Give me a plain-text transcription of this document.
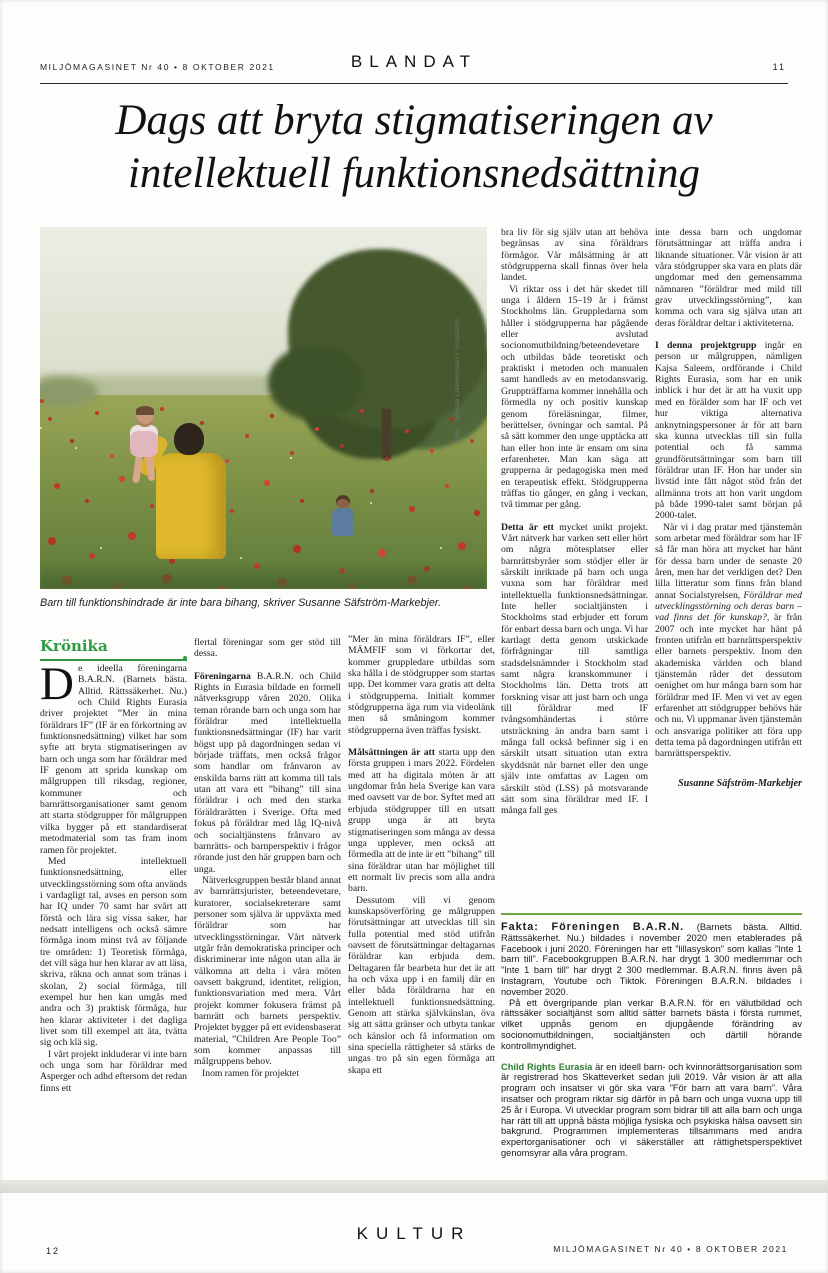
MILJÖMAGASINET Nr 40 • 8 OKTOBER 2021	BLANDAT	11
Dags att bryta stigmatiseringen av
intellektuell funktionsnedsättning
Foto: Juliane Liebermann / Unsplash
Barn till funktionshindrade är inte bara bihang, skriver Susanne Säfström-Markebjer.
Krönika

De ideella föreningarna B.A.R.N. (Barnets bästa. Alltid. Rättssäkerhet. Nu.) och Child Rights Eurasia driver projektet ”Mer än mina föräldrars IF” (IF är en förkortning av funktionsnedsättning) vilket har som syfte att bryta stigmatiseringen av barn och unga som har föräldrar med IF genom att sprida kunskap om målgruppen till riksdag, regioner, kommuner och barnrättsorganisationer samt genom att starta stödgrupper för målgruppen vilka bygger på ett standardiserat metodmaterial som tas fram inom ramen för projektet.

Med intellektuell funktionsnedsättning, eller utvecklingsstörning som ofta används i vardagligt tal, avses en person som har IQ under 70 samt har svårt att förstå och lära sig vissa saker, har nedsatt intelligens och också sämre förmåga inom minst två av följande tre områden: 1) Teoretisk förmåga, det vill säga hur hen klarar av att läsa, skriva, räkna och annat som tränas i skolan, 2) social förmåga, till exempel hur hen kan umgås med andra och 3) praktisk förmåga, hur hen klarar aktiviteter i det dagliga livet som till exempel att äta, tvätta sig och klä sig.

I vårt projekt inkluderar vi inte barn och unga som har föräldrar med Asperger och adhd eftersom det redan finns ett

flertal föreningar som ger stöd till dessa.

Föreningarna B.A.R.N. och Child Rights in Eurasia bildade en formell nätverksgrupp våren 2020. Olika teman rörande barn och unga som har föräldrar med intellektuella funktionsnedsättningar (IF) har varit högst upp på dagordningen sedan vi började träffats, men också frågor som handlar om frånvaron av enskilda barns rätt att komma till tals utan att vara ett ”bihang” till sina föräldrar i och med den starka föräldrarätten i Sverige. Ofta med fokus på föräldrar med låg IQ-nivå och socialtjänstens frånvaro av barnrätts- och barnperspektiv i frågor rörande just den här gruppen barn och unga.

Nätverksgruppen består bland annat av barnrättsjurister, beteendevetare, kuratorer, socialsekreterare samt personer som själva är uppväxta med föräldrar som har utvecklingsstörningar. Vårt nätverk utgår från demokratiska principer och diskriminerar inte någon utan alla är välkomna att delta i våra möten oavsett bakgrund, identitet, religion, funktionsvariation med mera. Vårt projekt kommer fokusera främst på barnrätt och barnets perspektiv. Projektet bygger på ett evidensbaserat material, ”Children Are People Too” som kommer anpassas till målgruppens behov.

Inom ramen för projektet

”Mer än mina föräldrars IF”, eller MÄMFIF som vi förkortar det, kommer gruppledare utbildas som ska hålla i de stödgrupper som startas upp. Det kommer vara gratis att delta i stödgrupperna. Initialt kommer stödgrupperna äga rum via videolänk men så småningom kommer stödgrupperna även träffas fysiskt.

Målsättningen är att starta upp den första gruppen i mars 2022. Fördelen med att ha digitala möten är att ungdomar från hela Sverige kan vara med oavsett var de bor. Syftet med att erbjuda stödgrupper till en utsatt grupp unga är att bryta stigmatiseringen som många av dessa unga upplever, men också att förmedla att de inte är ett ”bihang” till sina föräldrar utan har möjlighet till ett normalt liv precis som alla andra barn.

Dessutom vill vi genom kunskapsöverföring ge målgruppen förutsättningar att utvecklas till sin fulla potential med stöd utifrån oavsett de förutsättningar deltagarnas föräldrar kan erbjuda dem. Deltagaren får bearbeta hur det är att ha och växa upp i en familj där en eller båda föräldrarna har en intellektuell funktionsnedsättning. Genom att stärka självkänslan, öva sig att sätta gränser och utbyta tankar och känslor och få information om sina speciella rättigheter så stärks de ungas tro på sin egen förmåga att skapa ett

bra liv för sig själv utan att behöva begränsas av sina föräldrars förmågor. Vår målsättning är att stödgrupperna skall finnas över hela landet.

Vi riktar oss i det här skedet till unga i åldern 15–19 år i främst Stockholms län. Gruppledarna som håller i stödgrupperna har pågående eller avslutad socionomutbildning/beteendevetare och utbildas både teoretiskt och praktiskt i metoden och manualen samt handleds av en metodansvarig. Gruppträffarna kommer innehålla och förmedla ny och positiv kunskap genom föreläsningar, filmer, berättelser, övningar och samtal. På så sätt kommer den unge upptäcka att han eller hon inte är ensam om sina erfarenheter. Man kan säga att grupperna är pedagogiska men med en terapeutisk effekt. Stödgrupperna träffas tio gånger, en gång i veckan, två timmar per gång.

Detta är ett mycket unikt projekt. Vårt nätverk har varken sett eller hört om några mötesplatser eller barnrättsbyråer som stödjer eller är särskilt inriktade på barn och unga vuxna som har föräldrar med intellektuella funktionsnedsättningar. Inte heller socialtjänsten i Stockholms stad erbjuder ett forum för enbart dessa barn och unga. Vi har kartlagt detta genom utskickade förfrågningar till samtliga stadsdelsnämnder i Stockholm stad samt några kranskommuner i Stockholms län. Detta trots att forskning visar att just barn och unga till föräldrar med IF tvångsomhändertas i större utsträckning än andra barn samt i många fall också befinner sig i en särskilt utsatt situation utan extra skyddsnät när barnet eller den unge själv inte omfattas av Lagen om särskilt stöd (LSS) på motsvarande sätt som sina föräldrar med IF. I många fall ges

inte dessa barn och ungdomar förutsättningar att träffa andra i liknande situationer. Vår vision är att våra stödgrupper ska vara en plats där ungdomar med den gemensamma nämnaren ”föräldrar med mild till grav utvecklingsstörning”, kan komma och vara sig själva utan att deras föräldrar deltar i aktiviteterna.

I denna projektgrupp ingår en person ur målgruppen, nämligen Kajsa Saleem, ordförande i Child Rights Eurasia, som har en unik inblick i hur det är att ha vuxit upp med en förälder som har IF och vet hur viktiga alternativa anknytningspersoner är för att barn ska kunna utvecklas till sin fulla potential och få samma grundförutsättningar som barn till föräldrar utan IF. Hon har under sin livstid inte fått något stöd från det allmänna trots att hon varit ungdom på både 1990-talet samt början på 2000-talet.

När vi i dag pratar med tjänstemän som arbetar med föräldrar som har IF så får man höra att mycket har hänt för dessa barn under de senaste 20 åren, men har det verkligen det? Den lilla litteratur som finns från bland annat Socialstyrelsen, Föräldrar med utvecklingsstörning och deras barn – vad finns det för kunskap?, är från 2007 och inte mycket har hänt på fronten utifrån ett barnrättsperspektiv eller barnets perspektiv. Inom den akademiska världen och bland tjänstemän råder det dessutom oenighet om hur många barn som har föräldrar med IF. Men vi vet av egen erfarenhet att stödgrupper behövs här och nu. Vi uppmanar även tjänstemän och ansvariga politiker att föra upp detta tema på dagordningen utifrån ett barnrättsperspektiv.

Susanne Säfström-Markebjer

Fakta: Föreningen B.A.R.N. (Barnets bästa. Alltid. Rättssäkerhet. Nu.) bildades i november 2020 men etablerades på Facebook i juni 2020. Föreningen har ett ”lillasyskon” som kallas ”Inte 1 barn till”. Facebookgruppen B.A.R.N. har drygt 1 300 medlemmar och ”Inte 1 barn till” har drygt 2 300 medlemmar. B.A.R.N. finns även på Instagram, Youtube och Tiktok. Föreningen B.A.R.N. bildades i november 2020.

På ett övergripande plan verkar B.A.R.N. för en välutbildad och rättssäker socialtjänst som alltid sätter barnets bästa i första rummet, vilket uppnås genom en djupgående förändring av socionomutbildningen, socialtjänsten och därtill hörande kontrollmyndighet.

Child Rights Eurasia är en ideell barn- och kvinnorättsorganisation som är registrerad hos Skatteverket sedan juli 2019. Vår vision är att alla program och insatser vi gör ska vara ”För barn att vara barn”. Våra insatser och program riktar sig därför in på barn och unga vuxna upp till 25 år i Europa. Vi utvecklar program som bidrar till att alla barn och unga har rätt till att uppnå bästa möjliga fysiska och psykiska hälsa oavsett sin bakgrund. Programmen implementeras tillsammans med andra expertorganisationer och vi säkerställer att rättighetsperspektivet genomsyrar alla våra program.

KULTUR
12	MILJÖMAGASINET Nr 40 • 8 OKTOBER 2021
